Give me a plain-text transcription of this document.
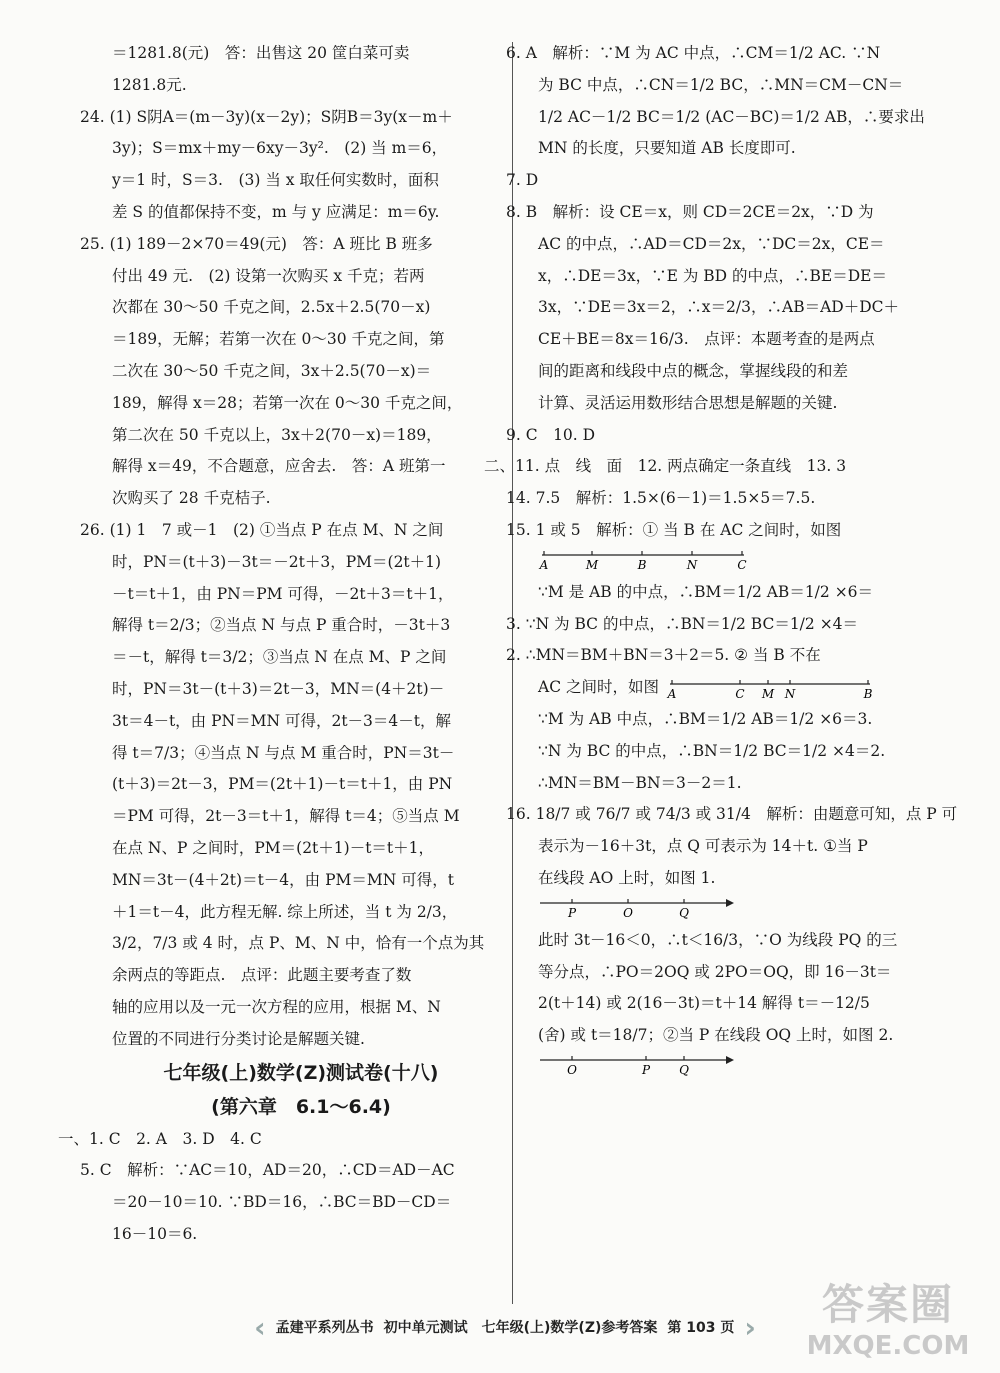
＝1281.8(元)　答：出售这 20 筐白菜可卖
1281.8元.
24. (1) S阴A＝(m－3y)(x－2y)；S阴B＝3y(x－m＋
3y)；S＝mx＋my－6xy－3y².　(2) 当 m＝6，
y＝1 时，S＝3.　(3) 当 x 取任何实数时，面积
差 S 的值都保持不变，m 与 y 应满足：m＝6y.
25. (1) 189－2×70＝49(元)　答：A 班比 B 班多
付出 49 元.　(2) 设第一次购买 x 千克；若两
次都在 30～50 千克之间，2.5x＋2.5(70－x)
＝189，无解；若第一次在 0～30 千克之间，第
二次在 30～50 千克之间，3x＋2.5(70－x)＝
189，解得 x＝28；若第一次在 0～30 千克之间，
第二次在 50 千克以上，3x＋2(70－x)＝189，
解得 x＝49，不合题意，应舍去.　答：A 班第一
次购买了 28 千克桔子.
26. (1) 1　7 或－1　(2) ①当点 P 在点 M、N 之间
时，PN＝(t＋3)－3t＝－2t＋3，PM＝(2t＋1)
－t＝t＋1，由 PN＝PM 可得，－2t＋3＝t＋1，
解得 t＝2/3；②当点 N 与点 P 重合时，－3t＋3
＝－t，解得 t＝3/2；③当点 N 在点 M、P 之间
时，PN＝3t－(t＋3)＝2t－3，MN＝(4＋2t)－
3t＝4－t，由 PN＝MN 可得，2t－3＝4－t，解
得 t＝7/3；④当点 N 与点 M 重合时，PN＝3t－
(t＋3)＝2t－3，PM＝(2t＋1)－t＝t＋1，由 PN
＝PM 可得，2t－3＝t＋1，解得 t＝4；⑤当点 M
在点 N、P 之间时，PM＝(2t＋1)－t＝t＋1，
MN＝3t－(4＋2t)＝t－4，由 PM＝MN 可得，t
＋1＝t－4，此方程无解. 综上所述，当 t 为 2/3，
3/2，7/3 或 4 时，点 P、M、N 中，恰有一个点为其
余两点的等距点.　点评：此题主要考查了数
轴的应用以及一元一次方程的应用，根据 M、N
位置的不同进行分类讨论是解题关键.
七年级(上)数学(Z)测试卷(十八)
(第六章　6.1～6.4)
一、1. C　2. A　3. D　4. C
5. C　解析：∵AC＝10，AD＝20，∴CD＝AD－AC
＝20－10＝10. ∵BD＝16，∴BC＝BD－CD＝
16－10＝6.
6. A　解析：∵M 为 AC 中点，∴CM＝1/2 AC. ∵N
为 BC 中点，∴CN＝1/2 BC，∴MN＝CM－CN＝
1/2 AC－1/2 BC＝1/2 (AC－BC)＝1/2 AB，∴要求出
MN 的长度，只要知道 AB 长度即可.
7. D
8. B　解析：设 CE＝x，则 CD＝2CE＝2x，∵D 为
AC 的中点，∴AD＝CD＝2x，∵DC＝2x，CE＝
x，∴DE＝3x，∵E 为 BD 的中点，∴BE＝DE＝
3x，∵DE＝3x＝2，∴x＝2/3，∴AB＝AD＋DC＋
CE＋BE＝8x＝16/3.　点评：本题考查的是两点
间的距离和线段中点的概念，掌握线段的和差
计算、灵活运用数形结合思想是解题的关键.
9. C　10. D
二、11. 点　线　面　12. 两点确定一条直线　13. 3
14. 7.5　解析：1.5×(6－1)＝1.5×5＝7.5.
15. 1 或 5　解析：① 当 B 在 AC 之间时，如图
A	M	B	N	C
∵M 是 AB 的中点，∴BM＝1/2 AB＝1/2 ×6＝
3. ∵N 为 BC 的中点，∴BN＝1/2 BC＝1/2 ×4＝
2. ∴MN＝BM＋BN＝3＋2＝5. ② 当 B 不在
AC 之间时，如图 A	C M N	B
∵M 为 AB 中点，∴BM＝1/2 AB＝1/2 ×6＝3.
∵N 为 BC 的中点，∴BN＝1/2 BC＝1/2 ×4＝2.
∴MN＝BM－BN＝3－2＝1.
16. 18/7 或 76/7 或 74/3 或 31/4　解析：由题意可知，点 P 可
表示为－16＋3t，点 Q 可表示为 14＋t. ①当 P
在线段 AO 上时，如图 1.
P	O	Q
此时 3t－16＜0，∴t＜16/3，∵O 为线段 PQ 的三
等分点，∴PO＝2OQ 或 2PO＝OQ，即 16－3t＝
2(t＋14) 或 2(16－3t)＝t＋14 解得 t＝－12/5
(舍) 或 t＝18/7；②当 P 在线段 OQ 上时，如图 2.
O	P Q
‹ 孟建平系列丛书 初中单元测试　七年级(上)数学(Z)参考答案 第 103 页 ›	答案圈
MXQE.COM
